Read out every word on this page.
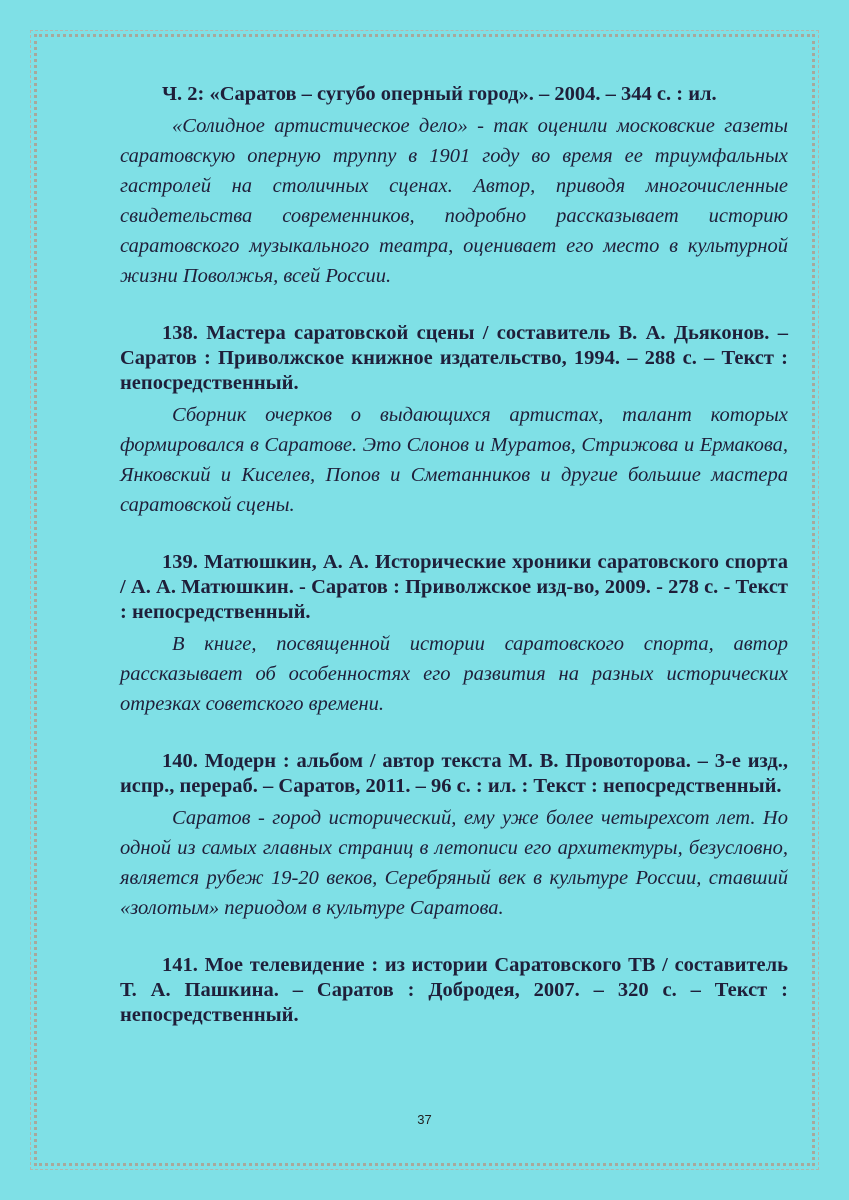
Ч. 2: «Саратов – сугубо оперный город». – 2004. – 344 с. : ил.

«Солидное артистическое дело» - так оценили московские газеты саратовскую оперную труппу в 1901 году во время ее триумфальных гастролей на столичных сценах. Автор, приводя многочисленные свидетельства современников, подробно рассказывает историю саратовского музыкального театра, оценивает его место в культурной жизни Поволжья, всей России.

138. Мастера саратовской сцены / составитель В. А. Дьяконов. – Саратов : Приволжское книжное издательство, 1994. – 288 с. – Текст : непосредственный.

Сборник очерков о выдающихся артистах, талант которых формировался в Саратове. Это Слонов и Муратов, Стрижова и Ермакова, Янковский и Киселев, Попов и Сметанников и другие большие мастера саратовской сцены.

139. Матюшкин, А. А. Исторические хроники саратовского спорта / А. А. Матюшкин. - Саратов : Приволжское изд-во, 2009. - 278 с. - Текст : непосредственный.

В книге, посвященной истории саратовского спорта, автор рассказывает об особенностях его развития на разных исторических отрезках советского времени.

140. Модерн : альбом / автор текста М. В. Провоторова. – 3-е изд., испр., перераб. – Саратов, 2011. – 96 с. : ил. : Текст : непосредственный.

Саратов - город исторический, ему уже более четырехсот лет. Но одной из самых главных страниц в летописи его архитектуры, безусловно, является рубеж 19-20 веков, Серебряный век в культуре России, ставший «золотым» периодом в культуре Саратова.

141. Мое телевидение : из истории Саратовского ТВ / составитель Т. А. Пашкина. – Саратов : Добродея, 2007. – 320 с. – Текст : непосредственный.

37
